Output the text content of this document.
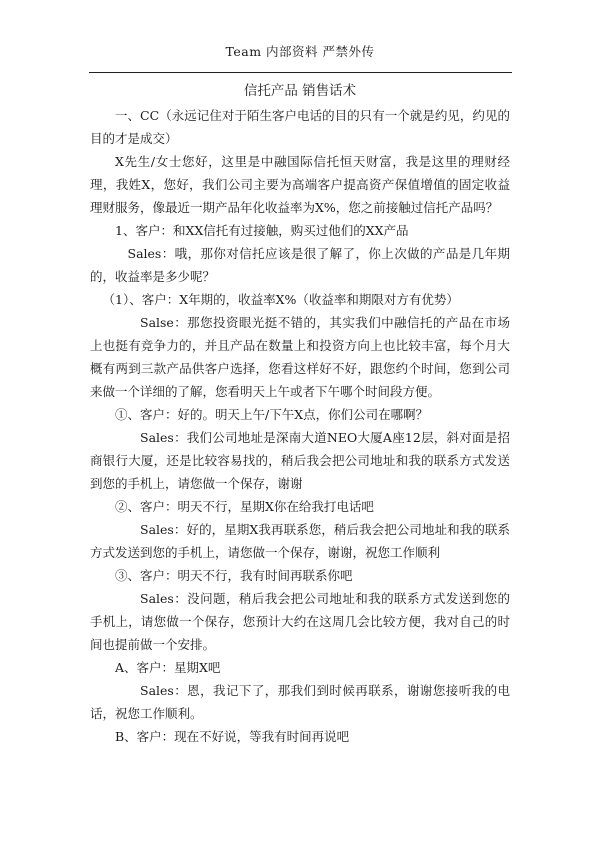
Team 内部资料 严禁外传
信托产品 销售话术

一、CC（永远记住对于陌生客户电话的目的只有一个就是约见，约见的目的才是成交）

X先生/女士您好，这里是中融国际信托恒天财富，我是这里的理财经理，我姓X，您好，我们公司主要为高端客户提高资产保值增值的固定收益理财服务，像最近一期产品年化收益率为X%，您之前接触过信托产品吗？

1、客户：和XX信托有过接触，购买过他们的XX产品

Sales：哦，那你对信托应该是很了解了，你上次做的产品是几年期的，收益率是多少呢？

（1）、客户：X年期的，收益率X%（收益率和期限对方有优势）

Salse：那您投资眼光挺不错的，其实我们中融信托的产品在市场上也挺有竞争力的，并且产品在数量上和投资方向上也比较丰富，每个月大概有两到三款产品供客户选择，您看这样好不好，跟您约个时间，您到公司来做一个详细的了解，您看明天上午或者下午哪个时间段方便。

①、客户：好的。明天上午/下午X点，你们公司在哪啊？

Sales：我们公司地址是深南大道NEO大厦A座12层，斜对面是招商银行大厦，还是比较容易找的，稍后我会把公司地址和我的联系方式发送到您的手机上，请您做一个保存，谢谢

②、客户：明天不行，星期X你在给我打电话吧

Sales：好的，星期X我再联系您，稍后我会把公司地址和我的联系方式发送到您的手机上，请您做一个保存，谢谢，祝您工作顺利

③、客户：明天不行，我有时间再联系你吧

Sales：没问题，稍后我会把公司地址和我的联系方式发送到您的手机上，请您做一个保存，您预计大约在这周几会比较方便，我对自己的时间也提前做一个安排。

A、客户：星期X吧

Sales：恩，我记下了，那我们到时候再联系，谢谢您接听我的电话，祝您工作顺利。

B、客户：现在不好说，等我有时间再说吧
